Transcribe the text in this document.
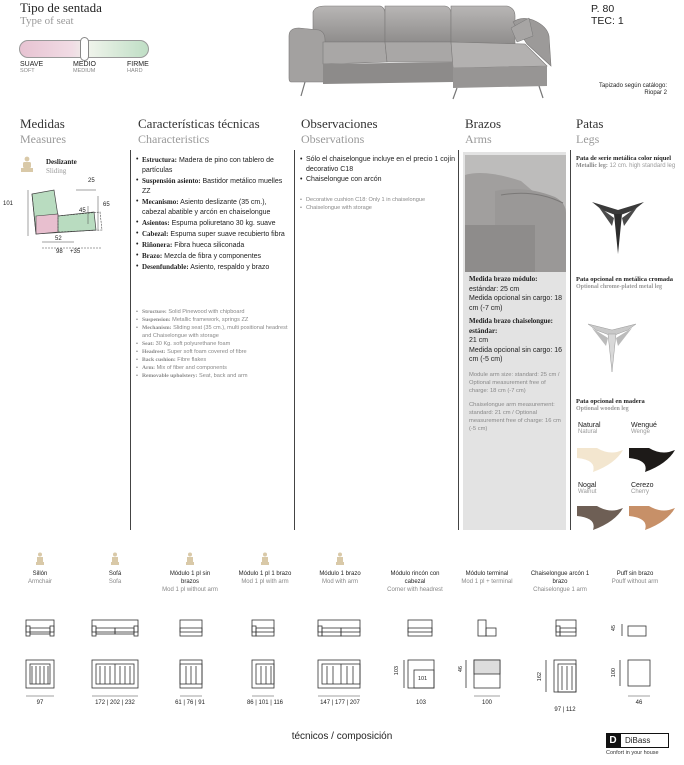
Tipo de sentada
Type of seat
SUAVE
SOFT
MEDIO
MEDIUM
FIRME
HARD
P. 80
TEC: 1
Tapizado según catálogo:
Riopar 2
Medidas
Measures
Características técnicas
Characteristics
Observaciones
Observations
Brazos
Arms
Patas
Legs
Deslizante
Sliding
101
25
65
45
52
98 +35
• Estructura: Madera de pino con tablero de partículas
• Suspensión asiento: Bastidor metálico muelles ZZ
• Mecanismo: Asiento deslizante (35 cm.), cabezal abatible y arcón en chaiselongue
• Asientos: Espuma poliuretano 30 kg. suave
• Cabezal: Espuma super suave recubierto fibra
• Riñonera: Fibra hueca siliconada
• Brazo: Mezcla de fibra y componentes
• Desenfundable: Asiento, respaldo y brazo
• Structure: Solid Pinewood with chipboard
• Suspension: Metallic framework, springs ZZ
• Mechanism: Sliding seat (35 cm.), multi positional headrest and Chaiselongue with storage
• Seat: 30 Kg. soft polyurethane foam
• Headrest: Super soft foam covered of fibre
• Back cushion: Fibre flakes
• Arm: Mix of fiber and components
• Removable upholstery: Seat, back and arm
• Sólo el chaiselongue incluye en el precio 1 cojín decorativo C18
• Chaiselongue con arcón
• Decorative cushion C18: Only 1 in chaiselongue
• Chaiselongue with storage
Medida brazo módulo:
estándar: 25 cm
Medida opcional sin cargo: 18 cm (-7 cm)
Medida brazo chaiselongue: estándar:
21 cm
Medida opcional sin cargo: 16 cm (-5 cm)
Module arm size: standard: 25 cm / Optional measurement free of charge: 18 cm (-7 cm)
Chaiselongue arm measurement: standard: 21 cm / Optional measurement free of charge: 16 cm (-5 cm)
Pata de serie metálica color níquel
Metallic leg: 12 cm. high standard leg
Pata opcional en metálica cromada
Optional chrome-plated metal leg
Pata opcional en madera
Optional wooden leg
Natural
Natural
Wengué
Wenge
Nogal
Walnut
Cerezo
Cherry
Sillón
Armchair
Sofá
Sofa
Módulo 1 pl sin brazos
Mod 1 pl without arm
Módulo 1 pl 1 brazo
Mod 1 pl with arm
Módulo 1 brazo
Mod with arm
Módulo rincón con cabezal
Corner with headrest
Módulo terminal
Mod 1 pl + terminal
Chaiselongue arcón 1 brazo
Chaiselongue 1 arm
Puff sin brazo
Pouff without arm
45
103
101
46
162	100
97	172 | 202 | 232	61 | 76 | 91	86 | 101 | 116	147 | 177 | 207	103	100
97 | 112
46
técnicos / composición	D	DiBass
Confort in your house
